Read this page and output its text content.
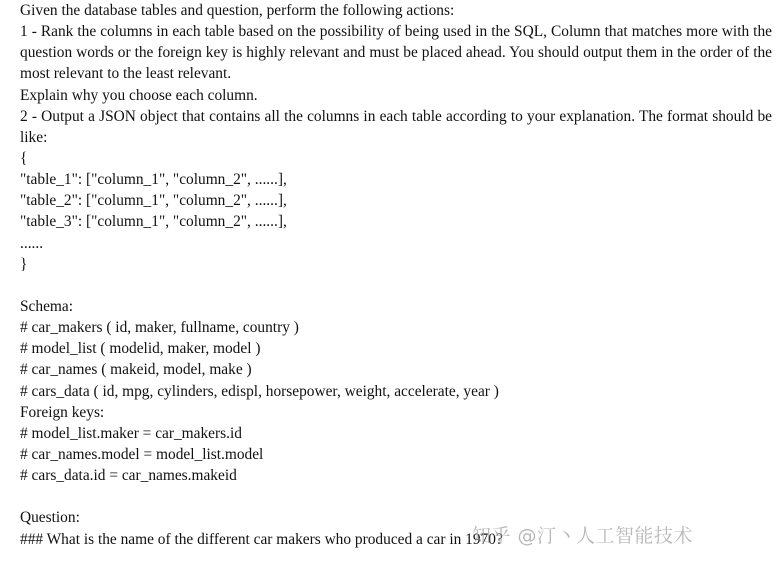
Given the database tables and question, perform the following actions:
1 - Rank the columns in each table based on the possibility of being used in the SQL, Column that matches more with the question words or the foreign key is highly relevant and must be placed ahead. You should output them in the order of the most relevant to the least relevant.
Explain why you choose each column.
2 - Output a JSON object that contains all the columns in each table according to your explanation. The format should be like:
{
"table_1": ["column_1", "column_2", ......],
"table_2": ["column_1", "column_2", ......],
"table_3": ["column_1", "column_2", ......],
......
}
Schema:
# car_makers ( id, maker, fullname, country )
# model_list ( modelid, maker, model )
# car_names ( makeid, model, make )
# cars_data ( id, mpg, cylinders, edispl, horsepower, weight, accelerate, year )
Foreign keys:
# model_list.maker = car_makers.id
# car_names.model = model_list.model
# cars_data.id = car_names.makeid
Question:
### What is the name of the different car makers who produced a car in 1970?
知乎 @汀丶人工智能技术
